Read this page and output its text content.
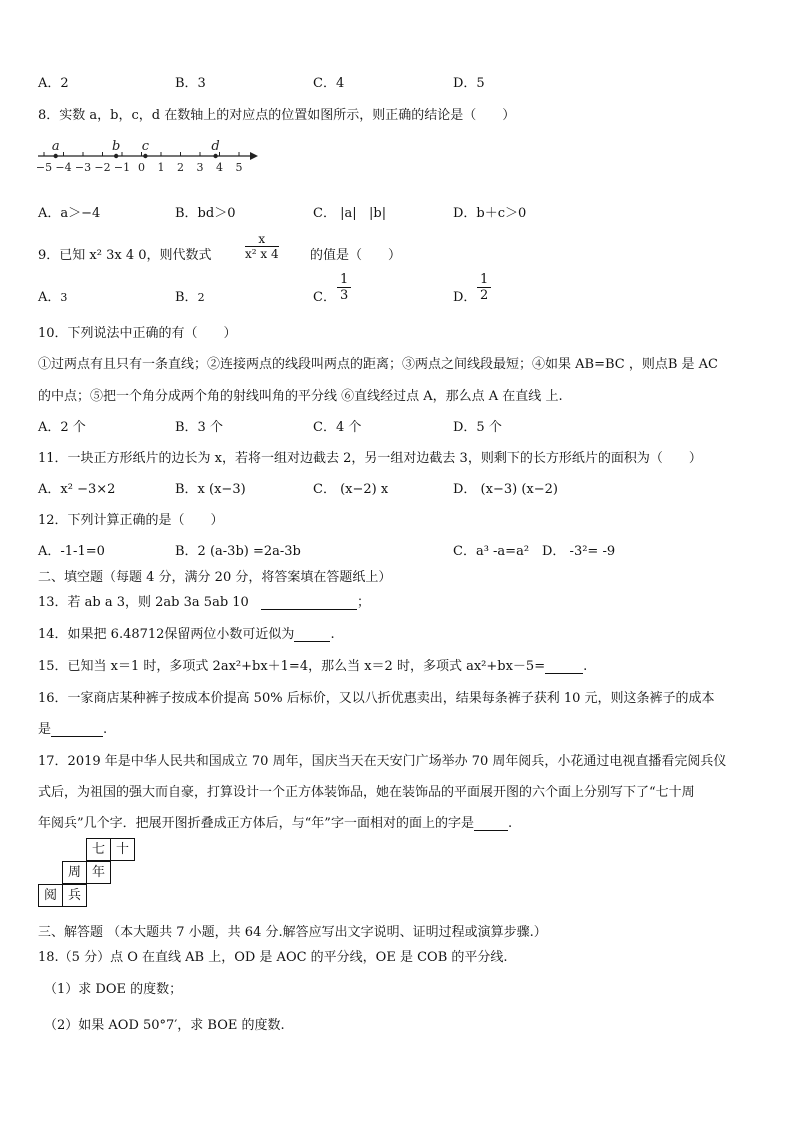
A．2	B．3	C．4	D．5
8．实数 a，b，c，d 在数轴上的对应点的位置如图所示，则正确的结论是（　　）
−5 −4 −3 −2 −1 0 1 2 3 4 5
a	b c	d
A．a＞−4	B．bd＞0	C． |a| |b|	D．b＋c＞0
9．已知 x² 3x 4 0，则代数式	$\frac{x}{\text{x² x 4}}$ 的值是（　　）
A．3	B．2	C． $\frac{1}{3}$	D． $\frac{1}{2}$
10．下列说法中正确的有（　　）
①过两点有且只有一条直线；②连接两点的线段叫两点的距离；③两点之间线段最短；④如果 AB=BC ，则点B 是 AC
的中点；⑤把一个角分成两个角的射线叫角的平分线 ⑥直线经过点 A，那么点 A 在直线 上.
A．2 个	B．3 个	C．4 个	D．5 个
11．一块正方形纸片的边长为 x，若将一组对边截去 2，另一组对边截去 3，则剩下的长方形纸片的面积为（　　）
A．x² −3×2	B．x (x−3)	C． (x−2) x	D． (x−3) (x−2)
12．下列计算正确的是（　　）
A．-1-1=0	B．2 (a-3b) =2a-3b	C．a³ -a=a² D． -3²= -9
二、填空题（每题 4 分，满分 20 分，将答案填在答题纸上）
13．若 ab a 3，则 2ab 3a 5ab 10	；
14．如果把 6.48712保留两位小数可近似为	.
15．已知当 x＝1 时，多项式 2ax²+bx＋1=4，那么当 x＝2 时，多项式 ax²+bx－5=	.
16．一家商店某种裤子按成本价提高 50% 后标价，又以八折优惠卖出，结果每条裤子获利 10 元，则这条裤子的成本
是	.
17．2019 年是中华人民共和国成立 70 周年，国庆当天在天安门广场举办 70 周年阅兵，小花通过电视直播看完阅兵仪
式后，为祖国的强大而自豪，打算设计一个正方体装饰品，她在装饰品的平面展开图的六个面上分别写下了“七十周
年阅兵”几个字．把展开图折叠成正方体后，与“年”字一面相对的面上的字是	.
七 十
周 年
阅 兵
三、解答题 （本大题共 7 小题，共 64 分.解答应写出文字说明、证明过程或演算步骤.）
18.（5 分）点 O 在直线 AB 上，OD 是 AOC 的平分线，OE 是 COB 的平分线.
（1）求 DOE 的度数；
（2）如果 AOD 50°7′，求 BOE 的度数.
